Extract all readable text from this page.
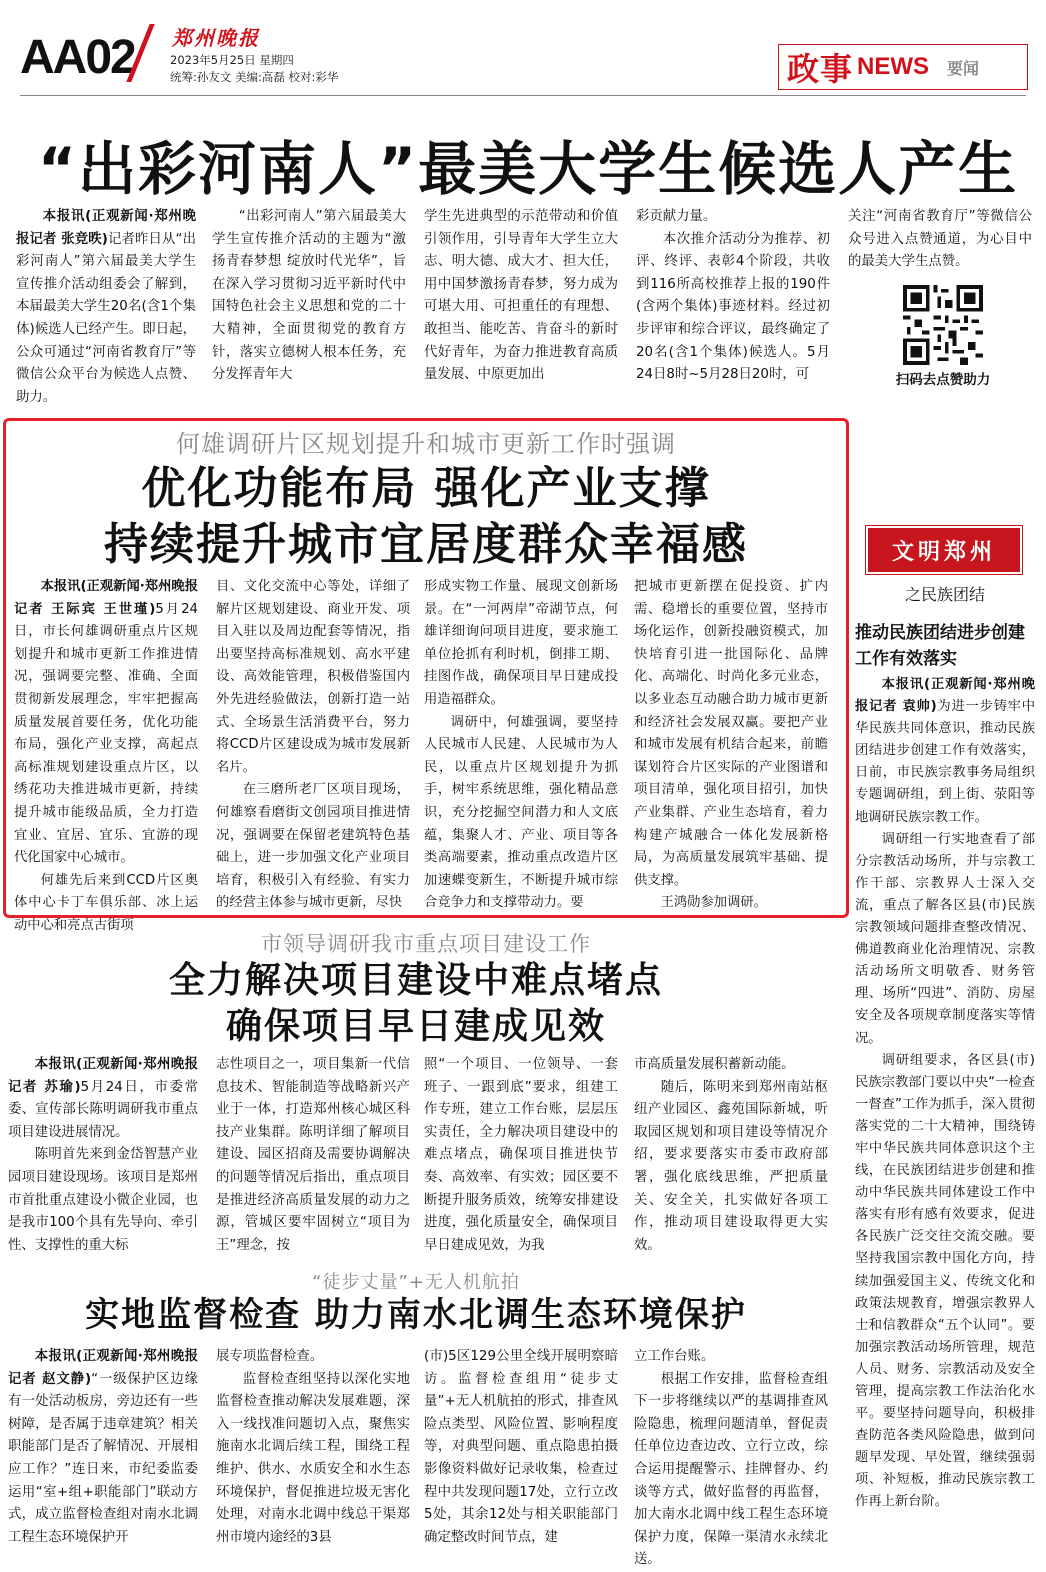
AA02 郑州晚报
2023年5月25日 星期四
统筹:孙友文 美编:高磊 校对:彩华	政事 NEWS 要闻
“出彩河南人”最美大学生候选人产生

本报讯(正观新闻·郑州晚报记者 张竞昳)记者昨日从“出彩河南人”第六届最美大学生宣传推介活动组委会了解到，本届最美大学生20名(含1个集体)候选人已经产生。即日起，公众可通过“河南省教育厅”等微信公众平台为候选人点赞、助力。

“出彩河南人”第六届最美大学生宣传推介活动的主题为“激扬青春梦想 绽放时代光华”，旨在深入学习贯彻习近平新时代中国特色社会主义思想和党的二十大精神，全面贯彻党的教育方针，落实立德树人根本任务，充分发挥青年大

学生先进典型的示范带动和价值引领作用，引导青年大学生立大志、明大德、成大才、担大任，用中国梦激扬青春梦，努力成为可堪大用、可担重任的有理想、敢担当、能吃苦、肯奋斗的新时代好青年，为奋力推进教育高质量发展、中原更加出

彩贡献力量。

本次推介活动分为推荐、初评、终评、表彰4个阶段，共收到116所高校推荐上报的190件(含两个集体)事迹材料。经过初步评审和综合评议，最终确定了20名(含1个集体)候选人。5月24日8时~5月28日20时，可

关注“河南省教育厅”等微信公众号进入点赞通道，为心目中的最美大学生点赞。

扫码去点赞助力
何雄调研片区规划提升和城市更新工作时强调
优化功能布局 强化产业支撑
持续提升城市宜居度群众幸福感

本报讯(正观新闻·郑州晚报记者 王际宾 王世瑾)5月24日，市长何雄调研重点片区规划提升和城市更新工作推进情况，强调要完整、准确、全面贯彻新发展理念，牢牢把握高质量发展首要任务，优化功能布局，强化产业支撑，高起点高标准规划建设重点片区，以绣花功夫推进城市更新，持续提升城市能级品质，全力打造宜业、宜居、宜乐、宜游的现代化国家中心城市。

何雄先后来到CCD片区奥体中心卡丁车俱乐部、冰上运动中心和亮点古街项

目、文化交流中心等处，详细了解片区规划建设、商业开发、项目入驻以及周边配套等情况，指出要坚持高标准规划、高水平建设、高效能管理，积极借鉴国内外先进经验做法，创新打造一站式、全场景生活消费平台，努力将CCD片区建设成为城市发展新名片。

在三磨所老厂区项目现场，何雄察看磨街文创园项目推进情况，强调要在保留老建筑特色基础上，进一步加强文化产业项目培育，积极引入有经验、有实力的经营主体参与城市更新，尽快

形成实物工作量、展现文创新场景。在“一河两岸”帝湖节点，何雄详细询问项目进度，要求施工单位抢抓有利时机，倒排工期、挂图作战，确保项目早日建成投用造福群众。

调研中，何雄强调，要坚持人民城市人民建、人民城市为人民，以重点片区规划提升为抓手，树牢系统思维，强化精品意识，充分挖掘空间潜力和人文底蕴，集聚人才、产业、项目等各类高端要素，推动重点改造片区加速蝶变新生，不断提升城市综合竞争力和支撑带动力。要

把城市更新摆在促投资、扩内需、稳增长的重要位置，坚持市场化运作，创新投融资模式，加快培育引进一批国际化、品牌化、高端化、时尚化多元业态，以多业态互动融合助力城市更新和经济社会发展双赢。要把产业和城市发展有机结合起来，前瞻谋划符合片区实际的产业图谱和项目清单，强化项目招引，加快产业集群、产业生态培育，着力构建产城融合一体化发展新格局，为高质量发展筑牢基础、提供支撑。

王鸿勋参加调研。

市领导调研我市重点项目建设工作
全力解决项目建设中难点堵点
确保项目早日建成见效

本报讯(正观新闻·郑州晚报记者 苏瑜)5月24日，市委常委、宣传部长陈明调研我市重点项目建设进展情况。

陈明首先来到金岱智慧产业园项目建设现场。该项目是郑州市首批重点建设小微企业园，也是我市100个具有先导向、牵引性、支撑性的重大标

志性项目之一，项目集新一代信息技术、智能制造等战略新兴产业于一体，打造郑州核心城区科技产业集群。陈明详细了解项目建设、园区招商及需要协调解决的问题等情况后指出，重点项目是推进经济高质量发展的动力之源，管城区要牢固树立“项目为王”理念，按

照“一个项目、一位领导、一套班子、一跟到底”要求，组建工作专班，建立工作台账，层层压实责任，全力解决项目建设中的难点堵点，确保项目推进快节奏、高效率、有实效；园区要不断提升服务质效，统筹安排建设进度，强化质量安全，确保项目早日建成见效，为我

市高质量发展积蓄新动能。

随后，陈明来到郑州南站枢纽产业园区、鑫苑国际新城，听取园区规划和项目建设等情况介绍，要求要落实市委市政府部署，强化底线思维，严把质量关、安全关，扎实做好各项工作，推动项目建设取得更大实效。

“徒步丈量”+无人机航拍
实地监督检查 助力南水北调生态环境保护

本报讯(正观新闻·郑州晚报记者 赵文静)“一级保护区边缘有一处活动板房，旁边还有一些树障，是否属于违章建筑？相关职能部门是否了解情况、开展相应工作？”连日来，市纪委监委运用“室+组+职能部门”联动方式，成立监督检查组对南水北调工程生态环境保护开

展专项监督检查。

监督检查组坚持以深化实地监督检查推动解决发展难题，深入一线找准问题切入点，聚焦实施南水北调后续工程，围绕工程维护、供水、水质安全和水生态环境保护，督促推进垃圾无害化处理，对南水北调中线总干渠郑州市境内途经的3县

(市)5区129公里全线开展明察暗访。监督检查组用“徒步丈量”+无人机航拍的形式，排查风险点类型、风险位置、影响程度等，对典型问题、重点隐患拍摄影像资料做好记录收集，检查过程中共发现问题17处，立行立改5处，其余12处与相关职能部门确定整改时间节点，建

立工作台账。

根据工作安排，监督检查组下一步将继续以严的基调排查风险隐患，梳理问题清单，督促责任单位边查边改、立行立改，综合运用提醒警示、挂牌督办、约谈等方式，做好监督的再监督，加大南水北调中线工程生态环境保护力度，保障一渠清水永续北送。

文明郑州
之民族团结
推动民族团结进步创建工作有效落实

本报讯(正观新闻·郑州晚报记者 袁帅)为进一步铸牢中华民族共同体意识，推动民族团结进步创建工作有效落实，日前，市民族宗教事务局组织专题调研组，到上街、荥阳等地调研民族宗教工作。

调研组一行实地查看了部分宗教活动场所，并与宗教工作干部、宗教界人士深入交流，重点了解各区县(市)民族宗教领域问题排查整改情况、佛道教商业化治理情况、宗教活动场所文明敬香、财务管理、场所“四进”、消防、房屋安全及各项规章制度落实等情况。

调研组要求，各区县(市)民族宗教部门要以中央“一检查一督查”工作为抓手，深入贯彻落实党的二十大精神，围绕铸牢中华民族共同体意识这个主线，在民族团结进步创建和推动中华民族共同体建设工作中落实有形有感有效要求，促进各民族广泛交往交流交融。要坚持我国宗教中国化方向，持续加强爱国主义、传统文化和政策法规教育，增强宗教界人士和信教群众“五个认同”。要加强宗教活动场所管理，规范人员、财务、宗教活动及安全管理，提高宗教工作法治化水平。要坚持问题导向，积极排查防范各类风险隐患，做到问题早发现、早处置，继续强弱项、补短板，推动民族宗教工作再上新台阶。
